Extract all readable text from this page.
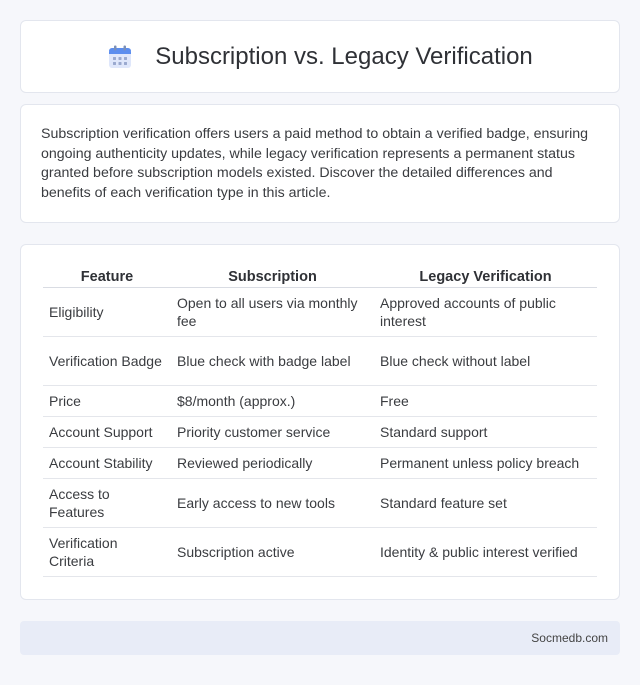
Subscription vs. Legacy Verification

Subscription verification offers users a paid method to obtain a verified badge, ensuring ongoing authenticity updates, while legacy verification represents a permanent status granted before subscription models existed. Discover the detailed differences and benefits of each verification type in this article.

Feature	Subscription	Legacy Verification
Eligibility	Open to all users via monthly fee	Approved accounts of public interest
Verification Badge	Blue check with badge label	Blue check without label
Price	$8/month (approx.)	Free
Account Support	Priority customer service	Standard support
Account Stability	Reviewed periodically	Permanent unless policy breach
Access to Features	Early access to new tools	Standard feature set
Verification Criteria	Subscription active	Identity & public interest verified
Socmedb.com
